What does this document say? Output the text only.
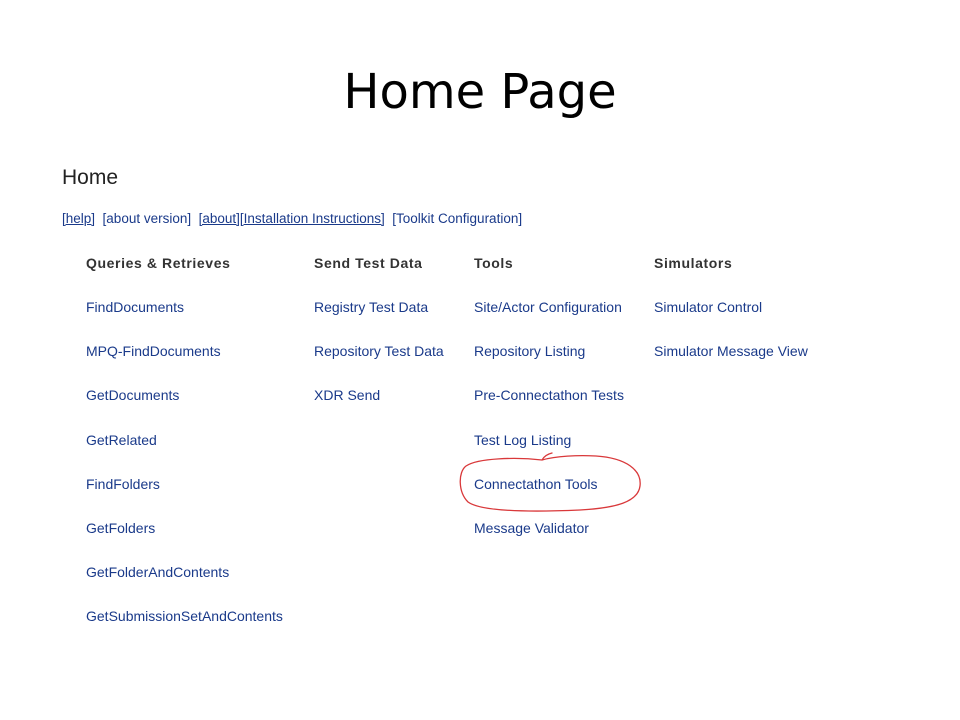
Home Page
Home
[help] [about version] [about][Installation Instructions] [Toolkit Configuration]
Queries & Retrieves
FindDocuments
MPQ-FindDocuments
GetDocuments
GetRelated
FindFolders
GetFolders
GetFolderAndContents
GetSubmissionSetAndContents
Send Test Data
Registry Test Data
Repository Test Data
XDR Send
Tools
Site/Actor Configuration
Repository Listing
Pre-Connectathon Tests
Test Log Listing
Connectathon Tools
Message Validator
Simulators
Simulator Control
Simulator Message View
